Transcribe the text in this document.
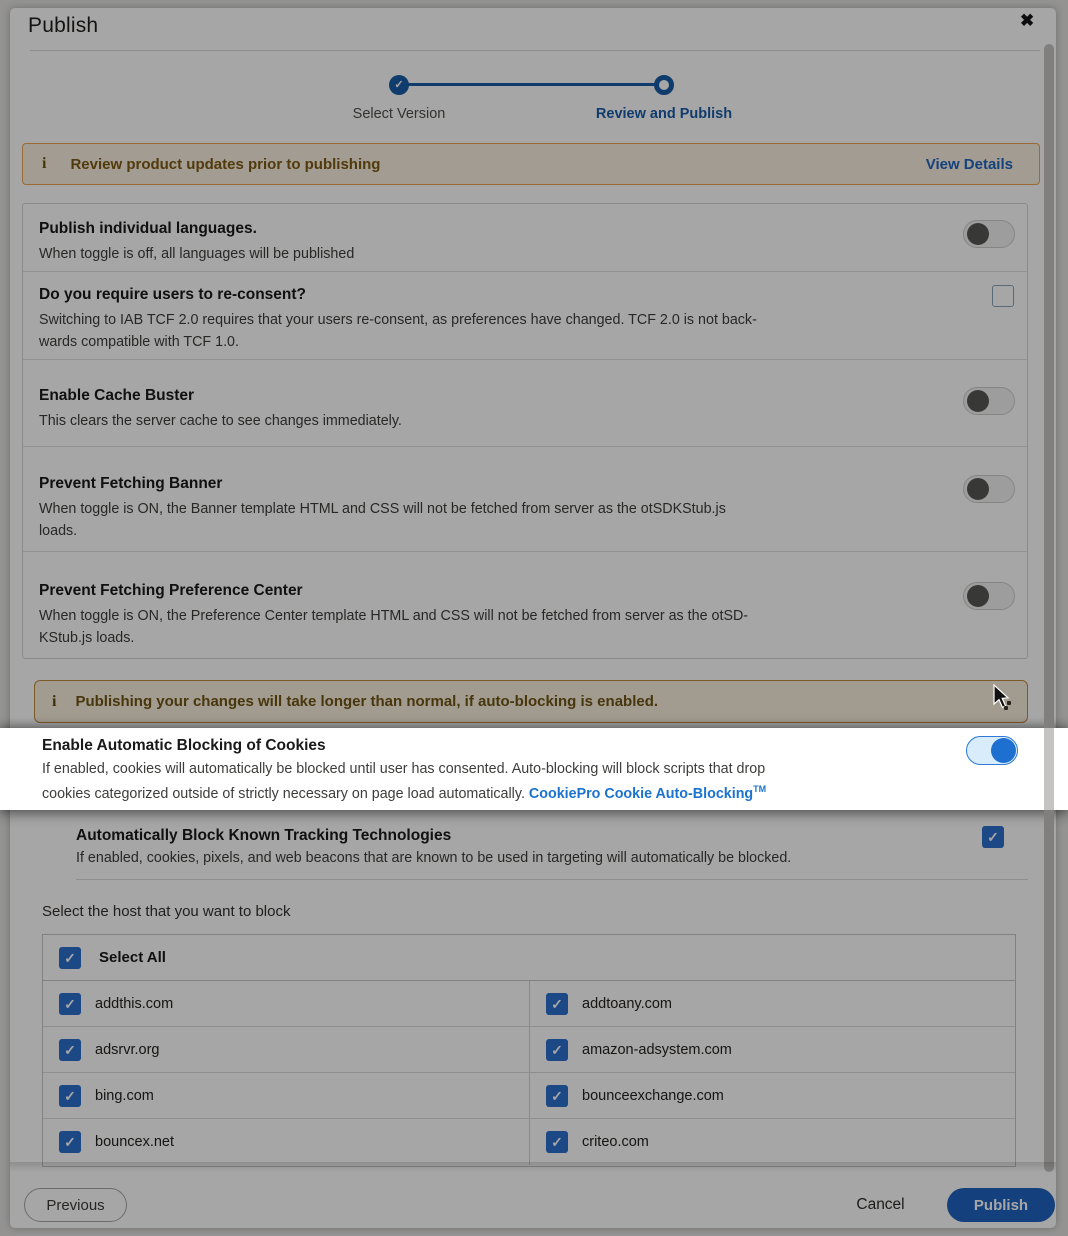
Publish	✖
✓
Select Version	Review and Publish
i Review product updates prior to publishing	View Details
Publish individual languages.
When toggle is off, all languages will be published
Do you require users to re-consent?
Switching to IAB TCF 2.0 requires that your users re-consent, as preferences have changed. TCF 2.0 is not back-
wards compatible with TCF 1.0.
Enable Cache Buster
This clears the server cache to see changes immediately.
Prevent Fetching Banner
When toggle is ON, the Banner template HTML and CSS will not be fetched from server as the otSDKStub.js
loads.
Prevent Fetching Preference Center
When toggle is ON, the Preference Center template HTML and CSS will not be fetched from server as the otSD-
KStub.js loads.
i Publishing your changes will take longer than normal, if auto-blocking is enabled.
Enable Automatic Blocking of Cookies
If enabled, cookies will automatically be blocked until user has consented. Auto-blocking will block scripts that drop
cookies categorized outside of strictly necessary on page load automatically. CookiePro Cookie Auto-Blocking™
Automatically Block Known Tracking Technologies	✓
If enabled, cookies, pixels, and web beacons that are known to be used in targeting will automatically be blocked.
Select the host that you want to block
✓	Select All
✓	addthis.com	✓	addtoany.com
✓	adsrvr.org	✓	amazon-adsystem.com
✓	bing.com	✓	bounceexchange.com
✓	bouncex.net	✓	criteo.com
Previous	Cancel	Publish
